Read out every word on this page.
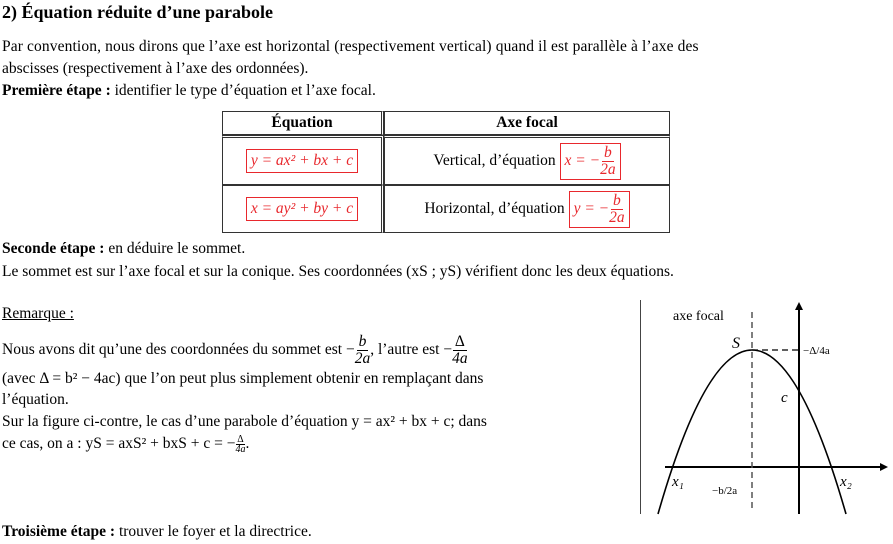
2) Équation réduite d’une parabole
Par convention, nous dirons que l’axe est horizontal (respectivement vertical) quand il est parallèle à l’axe des
abscisses (respectivement à l’axe des ordonnées).
Première étape : identifier le type d’équation et l’axe focal.
Équation	Axe focal
y = ax² + bx + c	Vertical, d’équation x = − $\frac{b}{2a}$

x = ay² + by + c	Horizontal, d’équation y = − $\frac{b}{2a}$
Seconde étape : en déduire le sommet.
Le sommet est sur l’axe focal et sur la conique. Ses coordonnées (xS ; yS) vérifient donc les deux équations.
Remarque :
Nous avons dit qu’une des coordonnées du sommet est − $\frac{b}{2a}$ , l’autre est − $\frac{\Delta}{4a}$
(avec Δ = b² − 4ac) que l’on peut plus simplement obtenir en remplaçant dans
l’équation.
Sur la figure ci-contre, le cas d’une parabole d’équation y = ax² + bx + c; dans
ce cas, on a : yS = axS² + bxS + c = − $\frac{\Delta}{4a}$ .
axe focal
S
c
x₁	x₂
−Δ/4a
−b/2a
Troisième étape : trouver le foyer et la directrice.
